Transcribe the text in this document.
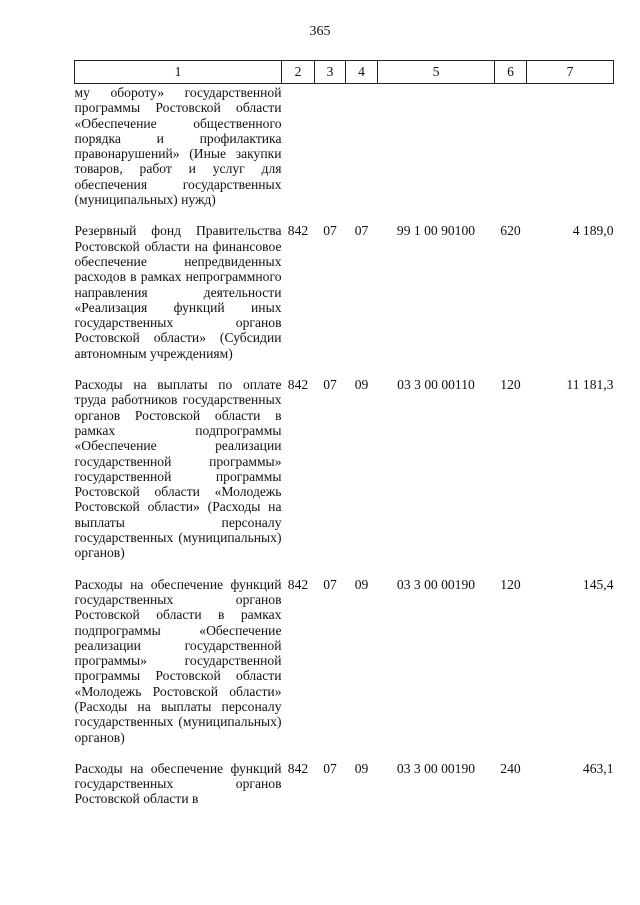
365
1	2	3	4	5	6	7
му обороту» государственной программы Ростовской области «Обеспечение общественного порядка и профилактика правонарушений» (Иные закупки товаров, работ и услуг для обеспечения государственных (муниципальных) нужд)						
Резервный фонд Правительства Ростовской области на финансовое обеспечение непредвиденных расходов в рамках непрограммного направления деятельности «Реализация функций иных государственных органов Ростовской области» (Субсидии автономным учреждениям)	842	07	07	99 1 00 90100	620	4 189,0
Расходы на выплаты по оплате труда работников государственных органов Ростовской области в рамках подпрограммы «Обеспечение реализации государственной программы» государственной программы Ростовской области «Молодежь Ростовской области» (Расходы на выплаты персоналу государственных (муниципальных) органов)	842	07	09	03 3 00 00110	120	11 181,3
Расходы на обеспечение функций государственных органов Ростовской области в рамках подпрограммы «Обеспечение реализации государственной программы» государственной программы Ростовской области «Молодежь Ростовской области» (Расходы на выплаты персоналу государственных (муниципальных) органов)	842	07	09	03 3 00 00190	120	145,4
Расходы на обеспечение функций государственных органов Ростовской области в	842	07	09	03 3 00 00190	240	463,1
